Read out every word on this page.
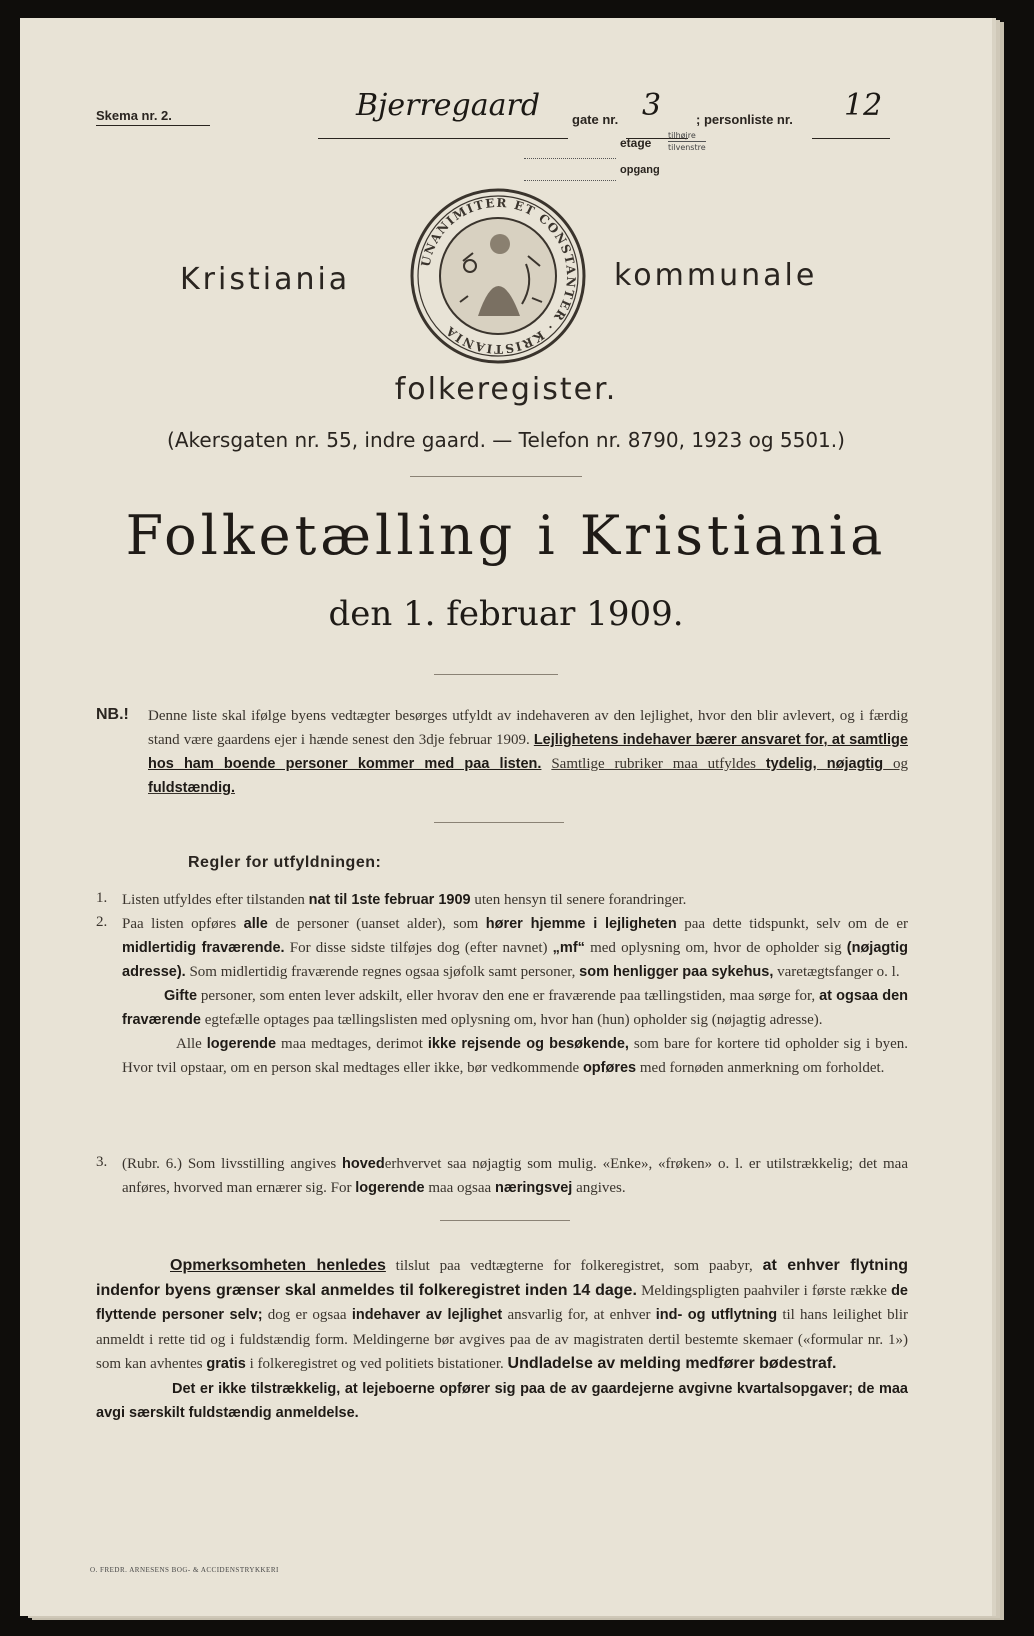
Skema nr. 2.	Bjerregaard gate nr. 3	; personliste nr. 12
etage
tilhøjre
tilvenstre
opgang
UNANIMITER ET CONSTANTER · KRISTIANIA
Kristiania	kommunale
folkeregister.
(Akersgaten nr. 55, indre gaard. — Telefon nr. 8790, 1923 og 5501.)
Folketælling i Kristiania
den 1. februar 1909.
NB.! Denne liste skal ifølge byens vedtægter besørges utfyldt av indehaveren av den lejlighet, hvor den blir avlevert, og i færdig stand være gaardens ejer i hænde senest den 3dje februar 1909. Lejlighetens indehaver bærer ansvaret for, at samtlige hos ham boende personer kommer med paa listen. Samtlige rubriker maa utfyldes tydelig, nøjagtig og fuldstændig.
Regler for utfyldningen:
1. Listen utfyldes efter tilstanden nat til 1ste februar 1909 uten hensyn til senere forandringer.
2. Paa listen opføres alle de personer (uanset alder), som hører hjemme i lejligheten paa dette tidspunkt, selv om de er midlertidig fraværende. For disse sidste tilføjes dog (efter navnet) „mf“ med oplysning om, hvor de opholder sig (nøjagtig adresse). Som midlertidig fraværende regnes ogsaa sjøfolk samt personer, som henligger paa sykehus, varetægtsfanger o. l.
Gifte personer, som enten lever adskilt, eller hvorav den ene er fraværende paa tællingstiden, maa sørge for, at ogsaa den fraværende egtefælle optages paa tællingslisten med oplysning om, hvor han (hun) opholder sig (nøjagtig adresse).
Alle logerende maa medtages, derimot ikke rejsende og besøkende, som bare for kortere tid opholder sig i byen. Hvor tvil opstaar, om en person skal medtages eller ikke, bør vedkommende opføres med fornøden anmerkning om forholdet.
3. (Rubr. 6.) Som livsstilling angives hovederhvervet saa nøjagtig som mulig. «Enke», «frøken» o. l. er utilstrækkelig; det maa anføres, hvorved man ernærer sig. For logerende maa ogsaa næringsvej angives.
Opmerksomheten henledes tilslut paa vedtægterne for folkeregistret, som paabyr, at enhver flytning indenfor byens grænser skal anmeldes til folkeregistret inden 14 dage. Meldingspligten paahviler i første række de flyttende personer selv; dog er ogsaa indehaver av lejlighet ansvarlig for, at enhver ind- og utflytning til hans leilighet blir anmeldt i rette tid og i fuldstændig form. Meldingerne bør avgives paa de av magistraten dertil bestemte skemaer («formular nr. 1») som kan avhentes gratis i folkeregistret og ved politiets bistationer. Undladelse av melding medfører bødestraf.
Det er ikke tilstrækkelig, at lejeboerne opfører sig paa de av gaardejerne avgivne kvartalsopgaver; de maa avgi særskilt fuldstændig anmeldelse.
O. FREDR. ARNESENS BOG- & ACCIDENSTRYKKERI
